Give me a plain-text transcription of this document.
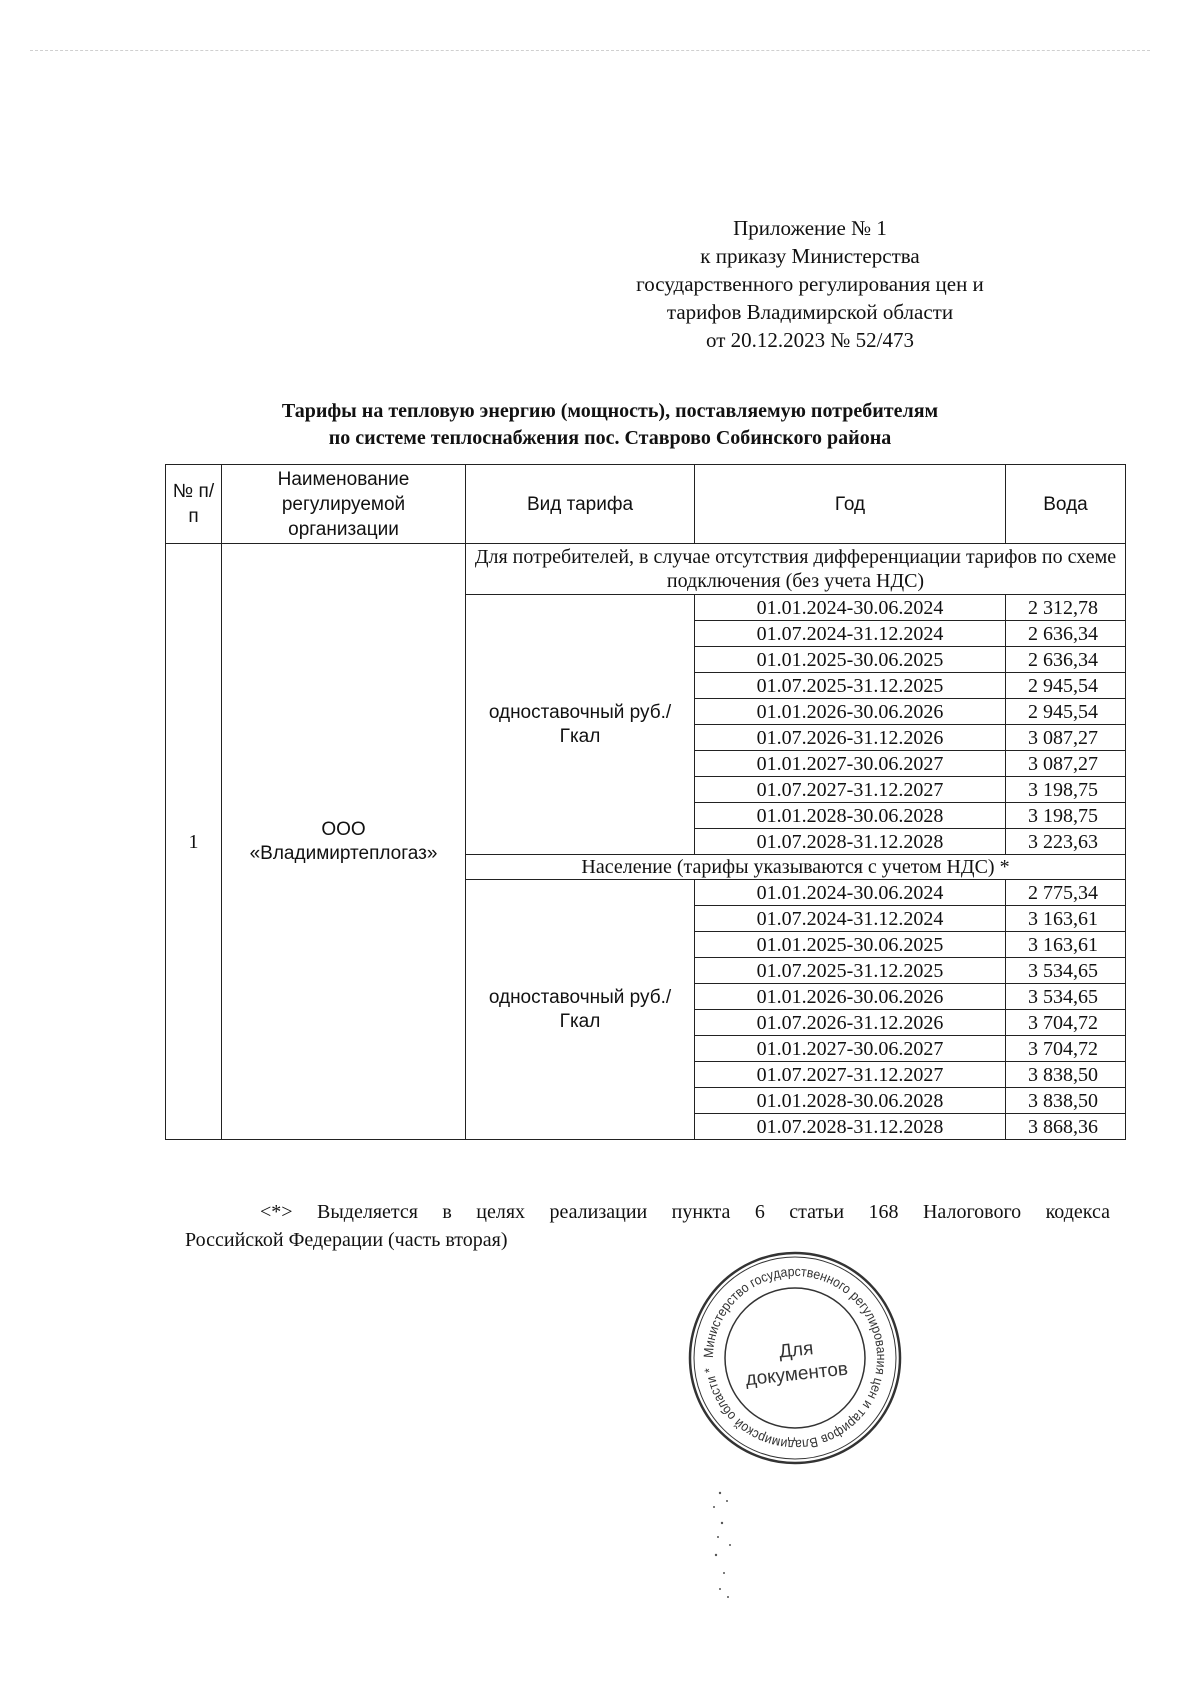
Приложение № 1
к приказу Министерства
государственного регулирования цен и
тарифов Владимирской области
от 20.12.2023 № 52/473
Тарифы на тепловую энергию (мощность), поставляемую потребителям
по системе теплоснабжения пос. Ставрово Собинского района
№ п/п	Наименование регулируемой организации	Вид тарифа	Год	Вода
1	ООО «Владимиртеплогаз»	Для потребителей, в случае отсутствия дифференциации тарифов по схеме подключения (без учета НДС)		
		одноставочный руб./Гкал	01.01.2024-30.06.2024	2 312,78
			01.07.2024-31.12.2024	2 636,34
			01.01.2025-30.06.2025	2 636,34
			01.07.2025-31.12.2025	2 945,54
			01.01.2026-30.06.2026	2 945,54
			01.07.2026-31.12.2026	3 087,27
			01.01.2027-30.06.2027	3 087,27
			01.07.2027-31.12.2027	3 198,75
			01.01.2028-30.06.2028	3 198,75
			01.07.2028-31.12.2028	3 223,63
		Население (тарифы указываются с учетом НДС) *		
		одноставочный руб./Гкал	01.01.2024-30.06.2024	2 775,34
			01.07.2024-31.12.2024	3 163,61
			01.01.2025-30.06.2025	3 163,61
			01.07.2025-31.12.2025	3 534,65
			01.01.2026-30.06.2026	3 534,65
			01.07.2026-31.12.2026	3 704,72
			01.01.2027-30.06.2027	3 704,72
			01.07.2027-31.12.2027	3 838,50
			01.01.2028-30.06.2028	3 838,50
			01.07.2028-31.12.2028	3 868,36
<*> Выделяется в целях реализации пункта 6 статьи 168 Налогового кодекса
Российской Федерации (часть вторая)
Министерство государственного регулирования цен и тарифов Владимирской области *
Для
документов
